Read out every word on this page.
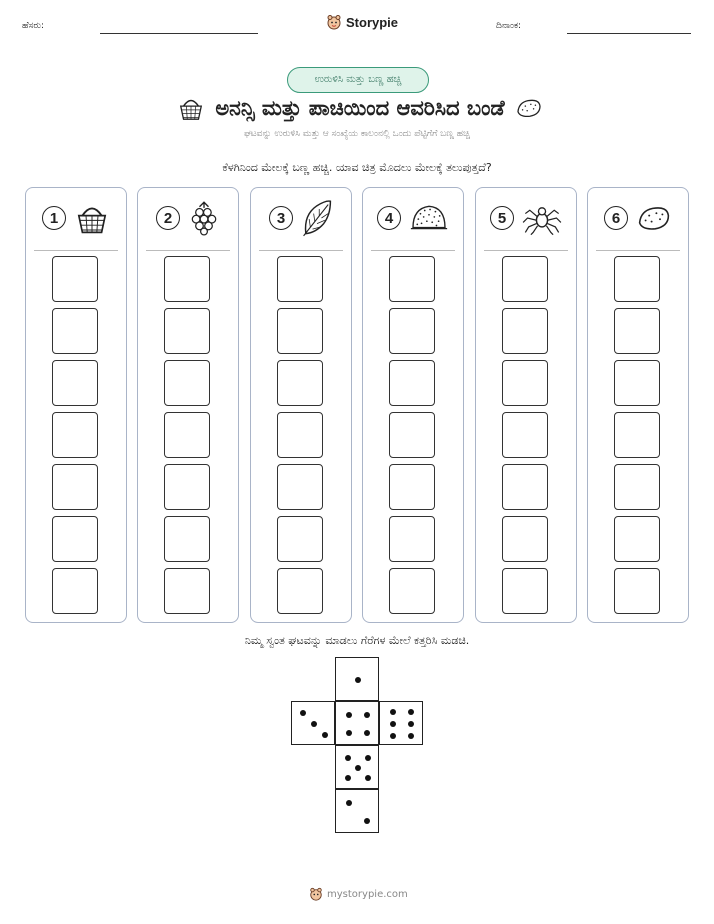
ಹೆಸರು:	Storypie	ದಿನಾಂಕ:
ಉರುಳಿಸಿ ಮತ್ತು ಬಣ್ಣ ಹಚ್ಚಿ
ಅನನ್ಸಿ ಮತ್ತು ಪಾಚಿಯಿಂದ ಆವರಿಸಿದ ಬಂಡೆ
ಘಟವನ್ನು ಉರುಳಿಸಿ ಮತ್ತು ಆ ಸಂಖ್ಯೆಯ ಕಾಲಂನಲ್ಲಿ ಒಂದು ಪೆಟ್ಟಿಗೆಗೆ ಬಣ್ಣ ಹಚ್ಚಿ
ಕೆಳಗಿನಿಂದ ಮೇಲಕ್ಕೆ ಬಣ್ಣ ಹಚ್ಚಿ. ಯಾವ ಚಿತ್ರ ಮೊದಲು ಮೇಲಕ್ಕೆ ತಲುಪುತ್ತದೆ?
1	2	3	4	5	6
ನಿಮ್ಮ ಸ್ವಂತ ಘಟವನ್ನು ಮಾಡಲು ಗೆರೆಗಳ ಮೇಲೆ ಕತ್ತರಿಸಿ ಮಡಚಿ.
mystorypie.com
